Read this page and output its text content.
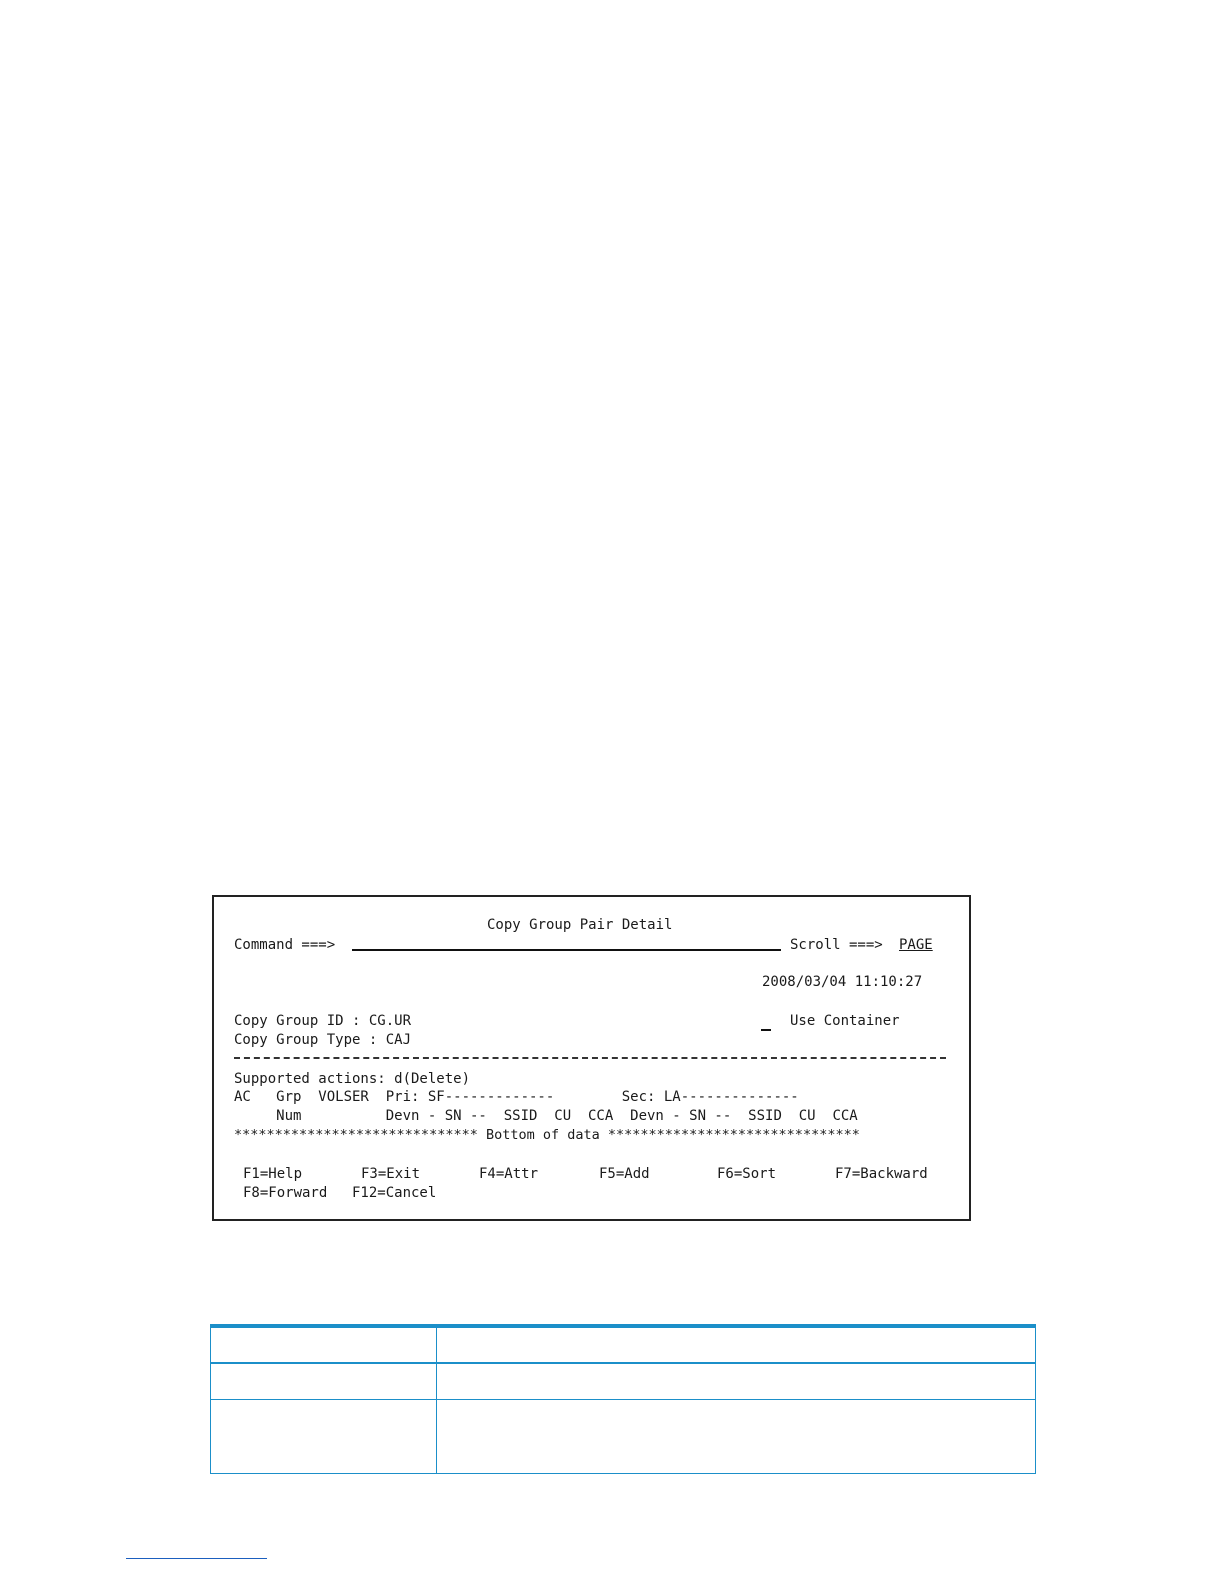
Copy Group Pair Detail
Command ===>	Scroll ===> PAGE
2008/03/04 11:10:27
Copy Group ID : CG.UR	Use Container
Copy Group Type : CAJ
Supported actions: d(Delete)
AC   Grp  VOLSER  Pri: SF-------------        Sec: LA--------------
Num          Devn - SN --  SSID  CU  CCA  Devn - SN --  SSID  CU  CCA
****************************** Bottom of data *******************************
F1=Help	F3=Exit	F4=Attr	F5=Add	F6=Sort	F7=Backward
F8=Forward F12=Cancel
